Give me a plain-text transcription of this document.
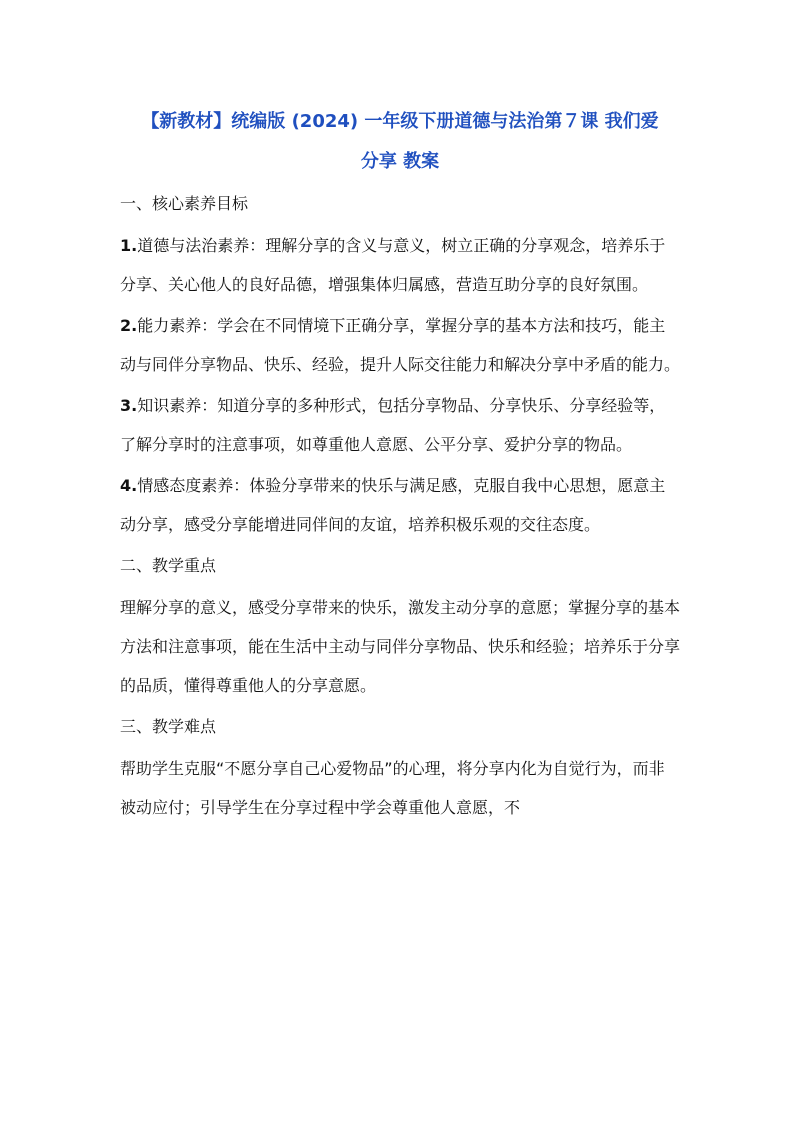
【新教材】统编版 (2024) 一年级下册道德与法治第７课 我们爱
分享 教案
一、核心素养目标

1.道德与法治素养：理解分享的含义与意义，树立正确的分享观念，培养乐于分享、关心他人的良好品德，增强集体归属感，营造互助分享的良好氛围。

2.能力素养：学会在不同情境下正确分享，掌握分享的基本方法和技巧，能主动与同伴分享物品、快乐、经验，提升人际交往能力和解决分享中矛盾的能力。

3.知识素养：知道分享的多种形式，包括分享物品、分享快乐、分享经验等，了解分享时的注意事项，如尊重他人意愿、公平分享、爱护分享的物品。

4.情感态度素养：体验分享带来的快乐与满足感，克服自我中心思想，愿意主动分享，感受分享能增进同伴间的友谊，培养积极乐观的交往态度。

二、教学重点

理解分享的意义，感受分享带来的快乐，激发主动分享的意愿；掌握分享的基本方法和注意事项，能在生活中主动与同伴分享物品、快乐和经验；培养乐于分享的品质，懂得尊重他人的分享意愿。

三、教学难点

帮助学生克服“不愿分享自己心爱物品”的心理，将分享内化为自觉行为，而非被动应付；引导学生在分享过程中学会尊重他人意愿，不
